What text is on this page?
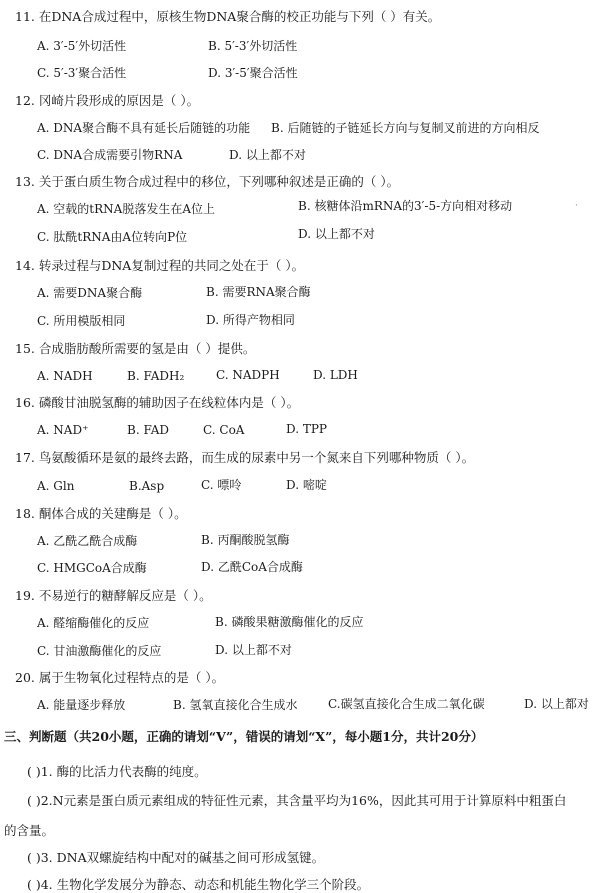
11. 在DNA合成过程中，原核生物DNA聚合酶的校正功能与下列（ ）有关。
A. 3′-5′外切活性	B. 5′-3′外切活性
C. 5′-3′聚合活性	D. 3′-5′聚合活性
12. 冈崎片段形成的原因是（ ）。
A. DNA聚合酶不具有延长后随链的功能 B. 后随链的子链延长方向与复制叉前进的方向相反
C. DNA合成需要引物RNA	D. 以上都不对
13. 关于蛋白质生物合成过程中的移位，下列哪种叙述是正确的（ ）。
A. 空载的tRNA脱落发生在A位上	B. 核糖体沿mRNA的3′-5-方向相对移动
C. 肽酰tRNA由A位转向P位	D. 以上都不对
·
14. 转录过程与DNA复制过程的共同之处在于（ ）。
A. 需要DNA聚合酶	B. 需要RNA聚合酶
C. 所用模版相同	D. 所得产物相同
15. 合成脂肪酸所需要的氢是由（ ）提供。
A. NADH	B. FADH₂	C. NADPH	D. LDH
16. 磷酸甘油脱氢酶的辅助因子在线粒体内是（ ）。
A. NAD⁺	B. FAD	C. CoA	D. TPP
17. 鸟氨酸循环是氨的最终去路，而生成的尿素中另一个氮来自下列哪种物质（ ）。
A. Gln	B.Asp	C. 嘌呤	D. 嘧啶
18. 酮体合成的关建酶是（ ）。
A. 乙酰乙酰合成酶	B. 丙酮酸脱氢酶
C. HMGCoA合成酶	D. 乙酰CoA合成酶
19. 不易逆行的糖酵解反应是（ ）。
A. 醛缩酶催化的反应	B. 磷酸果糖激酶催化的反应
C. 甘油激酶催化的反应	D. 以上都不对
20. 属于生物氧化过程特点的是（ ）。
A. 能量逐步释放	B. 氢氧直接化合生成水	C.碳氢直接化合生成二氧化碳	D. 以上都对
三、判断题（共20小题，正确的请划“V”，错误的请划“X”，每小题1分，共计20分）
( )1. 酶的比活力代表酶的纯度。
( )2.N元素是蛋白质元素组成的特征性元素，其含量平均为16%，因此其可用于计算原料中粗蛋白
的含量。
( )3. DNA双螺旋结构中配对的碱基之间可形成氢键。
( )4. 生物化学发展分为静态、动态和机能生物化学三个阶段。
